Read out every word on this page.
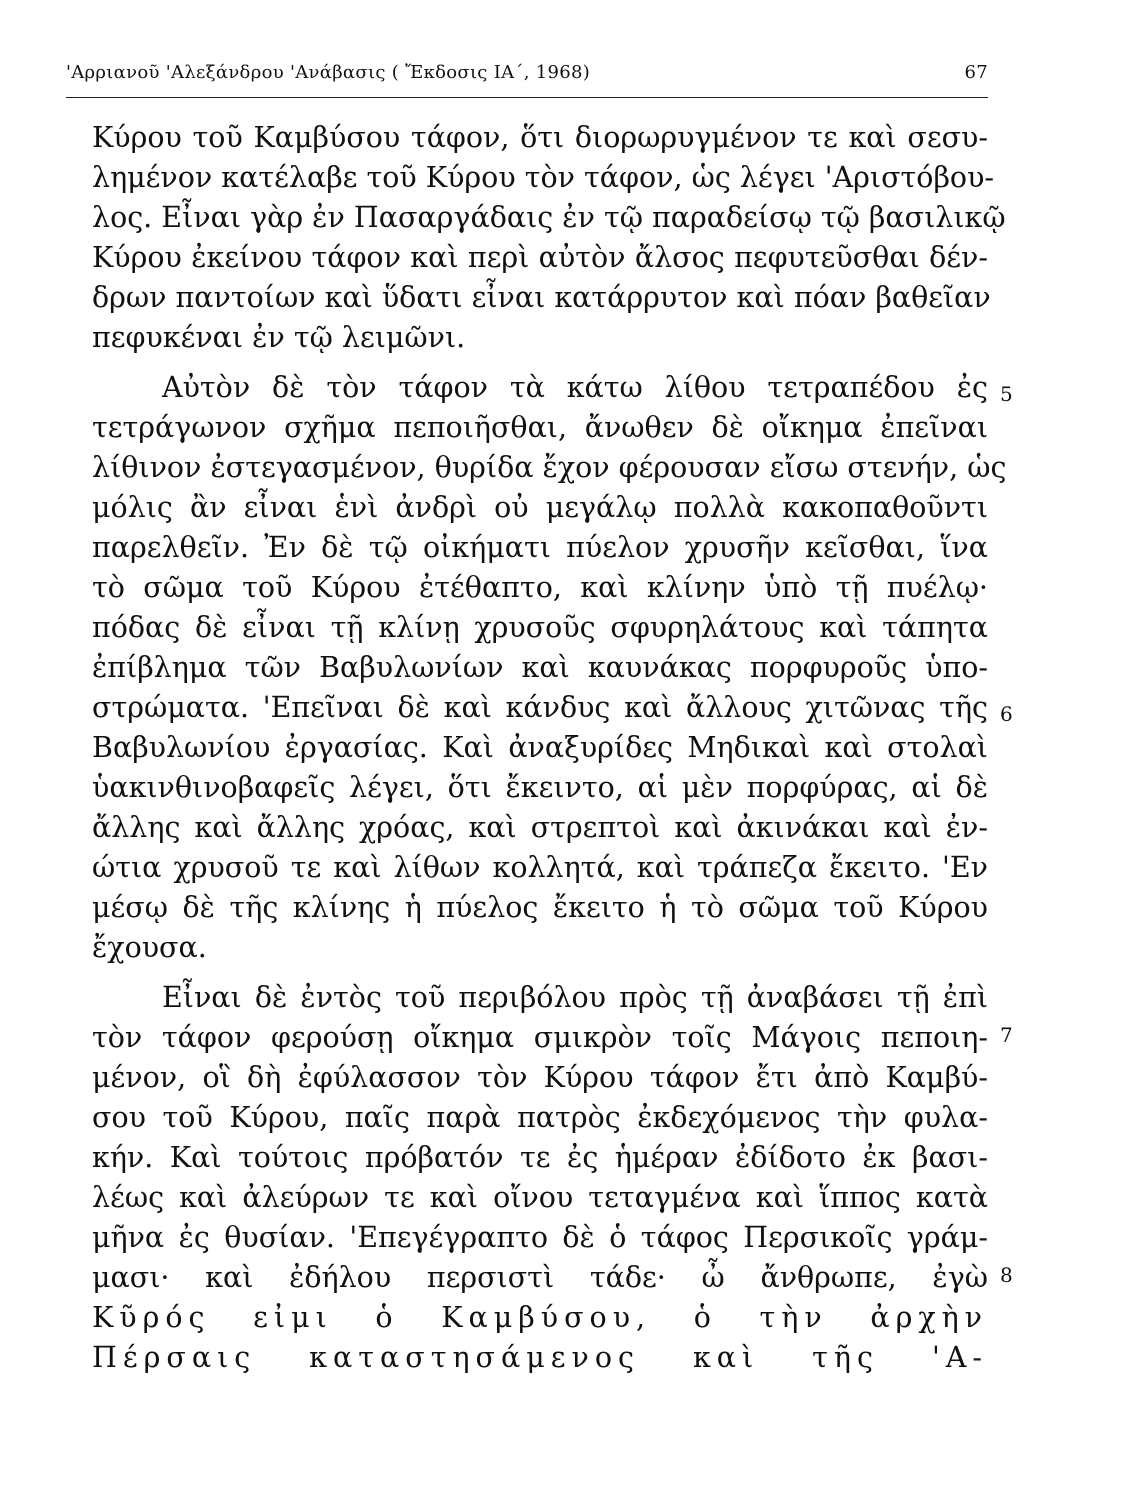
'Αρριανοῦ 'Αλεξάνδρου 'Ανάβασις ( Ἔκδοσις ΙΑ΄, 1968)	67
Κύρου τοῦ Καμβύσου τάφον, ὅτι διορωρυγμένον τε καὶ σεσυ-
λημένον κατέλαβε τοῦ Κύρου τὸν τάφον, ὡς λέγει 'Αριστόβου-
λος. Εἶναι γὰρ ἐν Πασαργάδαις ἐν τῷ παραδείσῳ τῷ βασιλικῷ
Κύρου ἐκείνου τάφον καὶ περὶ αὐτὸν ἄλσος πεφυτεῦσθαι δέν-
δρων παντοίων καὶ ὕδατι εἶναι κατάρρυτον καὶ πόαν βαθεῖαν
πεφυκέναι ἐν τῷ λειμῶνι.
Αὐτὸν δὲ τὸν τάφον τὰ κάτω λίθου τετραπέδου ἐς
τετράγωνον σχῆμα πεποιῆσθαι, ἄνωθεν δὲ οἴκημα ἐπεῖναι
λίθινον ἐστεγασμένον, θυρίδα ἔχον φέρουσαν εἴσω στενήν, ὡς
μόλις ἂν εἶναι ἑνὶ ἀνδρὶ οὐ μεγάλῳ πολλὰ κακοπαθοῦντι
παρελθεῖν. Ἐν δὲ τῷ οἰκήματι πύελον χρυσῆν κεῖσθαι, ἵνα
τὸ σῶμα τοῦ Κύρου ἐτέθαπτο, καὶ κλίνην ὑπὸ τῇ πυέλῳ·
πόδας δὲ εἶναι τῇ κλίνῃ χρυσοῦς σφυρηλάτους καὶ τάπητα
ἐπίβλημα τῶν Βαβυλωνίων καὶ καυνάκας πορφυροῦς ὑπο-
στρώματα. 'Επεῖναι δὲ καὶ κάνδυς καὶ ἄλλους χιτῶνας τῆς
Βαβυλωνίου ἐργασίας. Καὶ ἀναξυρίδες Μηδικαὶ καὶ στολαὶ
ὑακινθινοβαφεῖς λέγει, ὅτι ἔκειντο, αἱ μὲν πορφύρας, αἱ δὲ
ἄλλης καὶ ἄλλης χρόας, καὶ στρεπτοὶ καὶ ἀκινάκαι καὶ ἐν-
ώτια χρυσοῦ τε καὶ λίθων κολλητά, καὶ τράπεζα ἔκειτο. 'Εν
μέσῳ δὲ τῆς κλίνης ἡ πύελος ἔκειτο ἡ τὸ σῶμα τοῦ Κύρου
ἔχουσα.
Εἶναι δὲ ἐντὸς τοῦ περιβόλου πρὸς τῇ ἀναβάσει τῇ ἐπὶ
τὸν τάφον φερούσῃ οἴκημα σμικρὸν τοῖς Μάγοις πεποιη-
μένον, οἳ δὴ ἐφύλασσον τὸν Κύρου τάφον ἔτι ἀπὸ Καμβύ-
σου τοῦ Κύρου, παῖς παρὰ πατρὸς ἐκδεχόμενος τὴν φυλα-
κήν. Καὶ τούτοις πρόβατόν τε ἐς ἡμέραν ἐδίδοτο ἐκ βασι-
λέως καὶ ἀλεύρων τε καὶ οἴνου τεταγμένα καὶ ἵππος κατὰ
μῆνα ἐς θυσίαν. 'Επεγέγραπτο δὲ ὁ τάφος Περσικοῖς γράμ-
μασι· καὶ ἐδήλου περσιστὶ τάδε· ὦ ἄνθρωπε, ἐγὼ
Κῦρός εἰμι ὁ Καμβύσου, ὁ τὴν ἀρχὴν
Πέρσαις καταστησάμενος καὶ τῆς 'Α-
5
6
7
8
